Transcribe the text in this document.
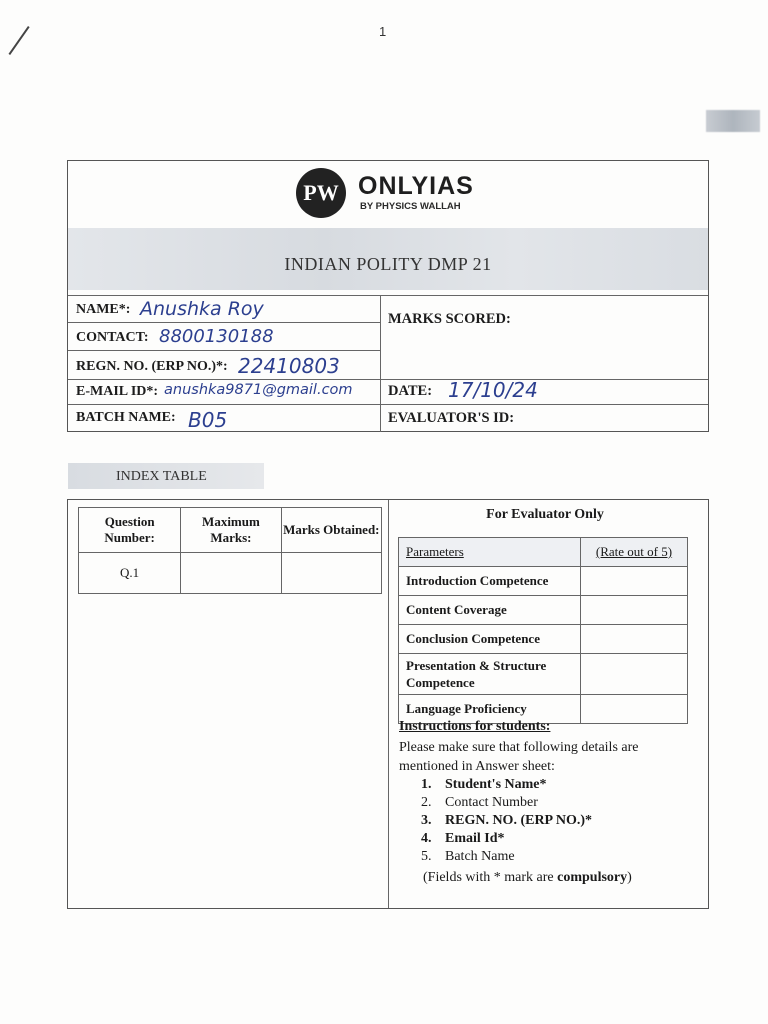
1
PW ONLYIAS
BY PHYSICS WALLAH
INDIAN POLITY DMP 21
NAME*: Anushka Roy
CONTACT: 8800130188
REGN. NO. (ERP NO.)*: 22410803
E-MAIL ID*: anushka9871@gmail.com
BATCH NAME: B05
MARKS SCORED:
DATE: 17/10/24
EVALUATOR'S ID:
INDEX TABLE
Question Number:	Maximum Marks:	Marks Obtained:
Q.1		
For Evaluator Only
Parameters	(Rate out of 5)
Introduction Competence	
Content Coverage	
Conclusion Competence	
Presentation & Structure Competence	
Language Proficiency	
Instructions for students:
Please make sure that following details are mentioned in Answer sheet:
1. Student's Name*
2. Contact Number
3. REGN. NO. (ERP NO.)*
4. Email Id*
5. Batch Name
(Fields with * mark are compulsory)
